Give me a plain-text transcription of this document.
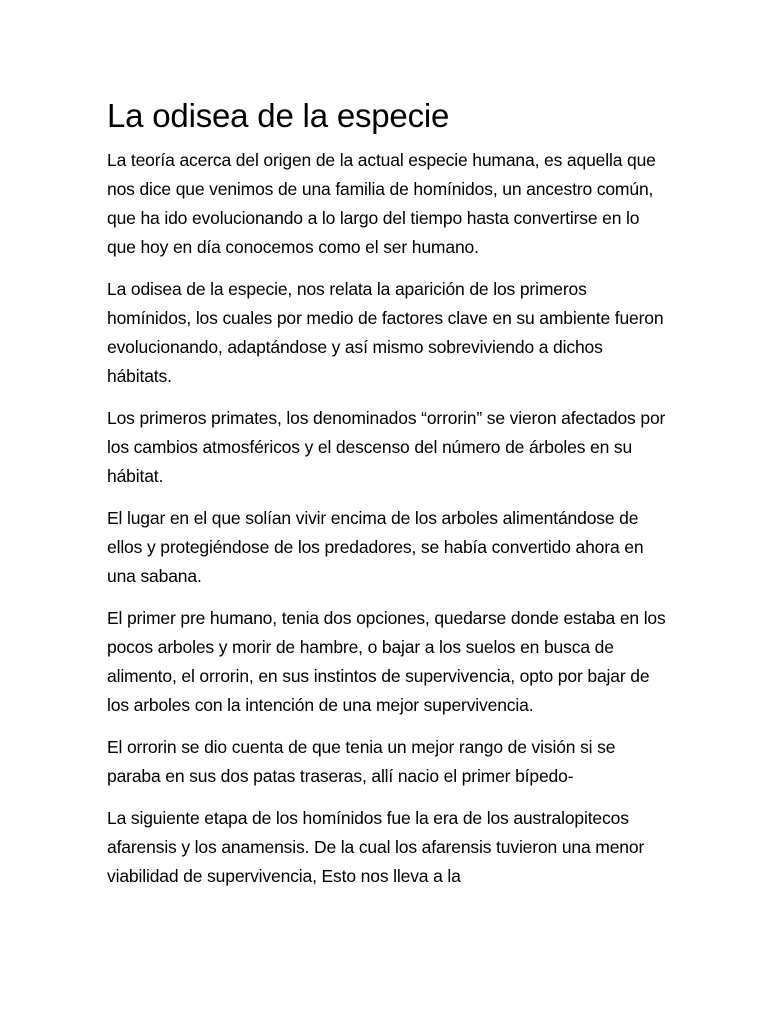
La odisea de la especie

La teoría acerca del origen de la actual especie humana, es aquella que nos dice que venimos de una familia de homínidos, un ancestro común, que ha ido evolucionando a lo largo del tiempo hasta convertirse en lo que hoy en día conocemos como el ser humano.

La odisea de la especie, nos relata la aparición de los primeros homínidos, los cuales por medio de factores clave en su ambiente fueron evolucionando, adaptándose y así mismo sobreviviendo a dichos hábitats.

Los primeros primates, los denominados “orrorin” se vieron afectados por los cambios atmosféricos y el descenso del número de árboles en su hábitat.

El lugar en el que solían vivir encima de los arboles alimentándose de ellos y protegiéndose de los predadores, se había convertido ahora en una sabana.

El primer pre humano, tenia dos opciones, quedarse donde estaba en los pocos arboles y morir de hambre, o bajar a los suelos en busca de alimento, el orrorin, en sus instintos de supervivencia, opto por bajar de los arboles con la intención de una mejor supervivencia.

El orrorin se dio cuenta de que tenia un mejor rango de visión si se paraba en sus dos patas traseras, allí nacio el primer bípedo-

La siguiente etapa de los homínidos fue la era de los australopitecos afarensis y los anamensis. De la cual los afarensis tuvieron una menor viabilidad de supervivencia, Esto nos lleva a la
